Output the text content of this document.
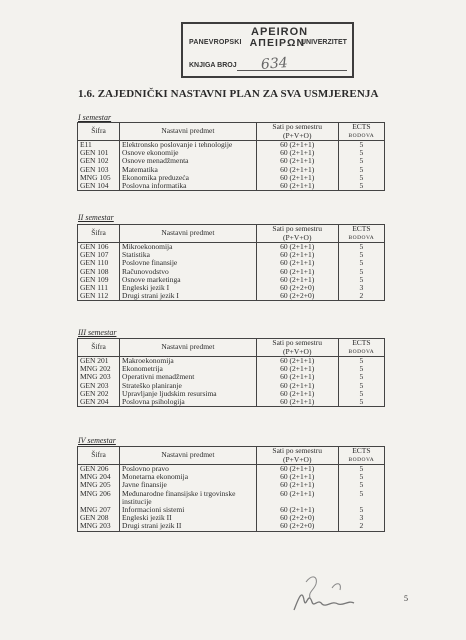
PANEVROPSKI
APEIRON
ΑΠΕΙΡΩΝ
UNIVERZITET
KNJIGA BROJ 634
1.6. ZAJEDNIČKI NASTAVNI PLAN ZA SVA USMJERENJA
I semestar
Šifra	Nastavni predmet	Sati po semestru
(P+V+O)	ECTS
BODOVA

E11	Elektronsko poslovanje i tehnologije	60 (2+1+1)	5
GEN 101	Osnove ekonomije	60 (2+1+1)	5
GEN 102	Osnove menadžmenta	60 (2+1+1)	5
GEN 103	Matematika	60 (2+1+1)	5
MNG 105	Ekonomika preduzeća	60 (2+1+1)	5
GEN 104	Poslovna informatika	60 (2+1+1)	5
II semestar
Šifra	Nastavni predmet	Sati po semestru
(P+V+O)	ECTS
BODOVA

GEN 106	Mikroekonomija	60 (2+1+1)	5
GEN 107	Statistika	60 (2+1+1)	5
GEN 110	Poslovne finansije	60 (2+1+1)	5
GEN 108	Računovodstvo	60 (2+1+1)	5
GEN 109	Osnove marketinga	60 (2+1+1)	5
GEN 111	Engleski jezik I	60 (2+2+0)	3
GEN 112	Drugi strani jezik I	60 (2+2+0)	2
III semestar
Šifra	Nastavni predmet	Sati po semestru
(P+V+O)	ECTS
BODOVA

GEN 201	Makroekonomija	60 (2+1+1)	5
MNG 202	Ekonometrija	60 (2+1+1)	5
MNG 203	Operativni menadžment	60 (2+1+1)	5
GEN 203	Strateško planiranje	60 (2+1+1)	5
GEN 202	Upravljanje ljudskim resursima	60 (2+1+1)	5
GEN 204	Poslovna psihologija	60 (2+1+1)	5
IV semestar
Šifra	Nastavni predmet	Sati po semestru
(P+V+O)	ECTS
BODOVA

GEN 206	Poslovno pravo	60 (2+1+1)	5
MNG 204	Monetarna ekonomija	60 (2+1+1)	5
MNG 205	Javne finansije	60 (2+1+1)	5
MNG 206	Međunarodne finansijske i trgovinske institucije	60 (2+1+1)	5
MNG 207	Informacioni sistemi	60 (2+1+1)	5
GEN 208	Engleski jezik II	60 (2+2+0)	3
MNG 203	Drugi strani jezik II	60 (2+2+0)	2
5
